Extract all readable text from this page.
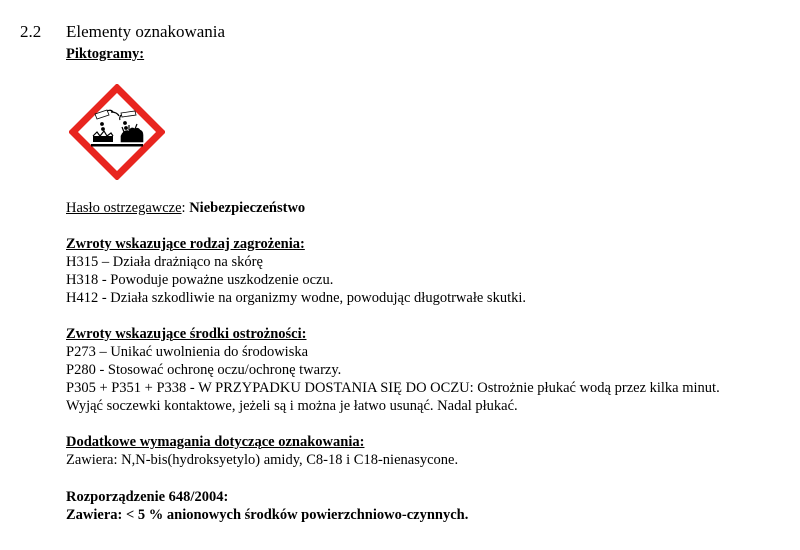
2.2 Elementy oznakowania
Piktogramy:
Hasło ostrzegawcze: Niebezpieczeństwo
Zwroty wskazujące rodzaj zagrożenia:
H315 – Działa drażniąco na skórę
H318 - Powoduje poważne uszkodzenie oczu.
H412 - Działa szkodliwie na organizmy wodne, powodując długotrwałe skutki.
Zwroty wskazujące środki ostrożności:
P273 – Unikać uwolnienia do środowiska
P280 - Stosować ochronę oczu/ochronę twarzy.
P305 + P351 + P338 - W PRZYPADKU DOSTANIA SIĘ DO OCZU: Ostrożnie płukać wodą przez kilka minut.
Wyjąć soczewki kontaktowe, jeżeli są i można je łatwo usunąć. Nadal płukać.
Dodatkowe wymagania dotyczące oznakowania:
Zawiera: N,N-bis(hydroksyetylo) amidy, C8-18 i C18-nienasycone.
Rozporządzenie 648/2004:
Zawiera: < 5 % anionowych środków powierzchniowo-czynnych.
